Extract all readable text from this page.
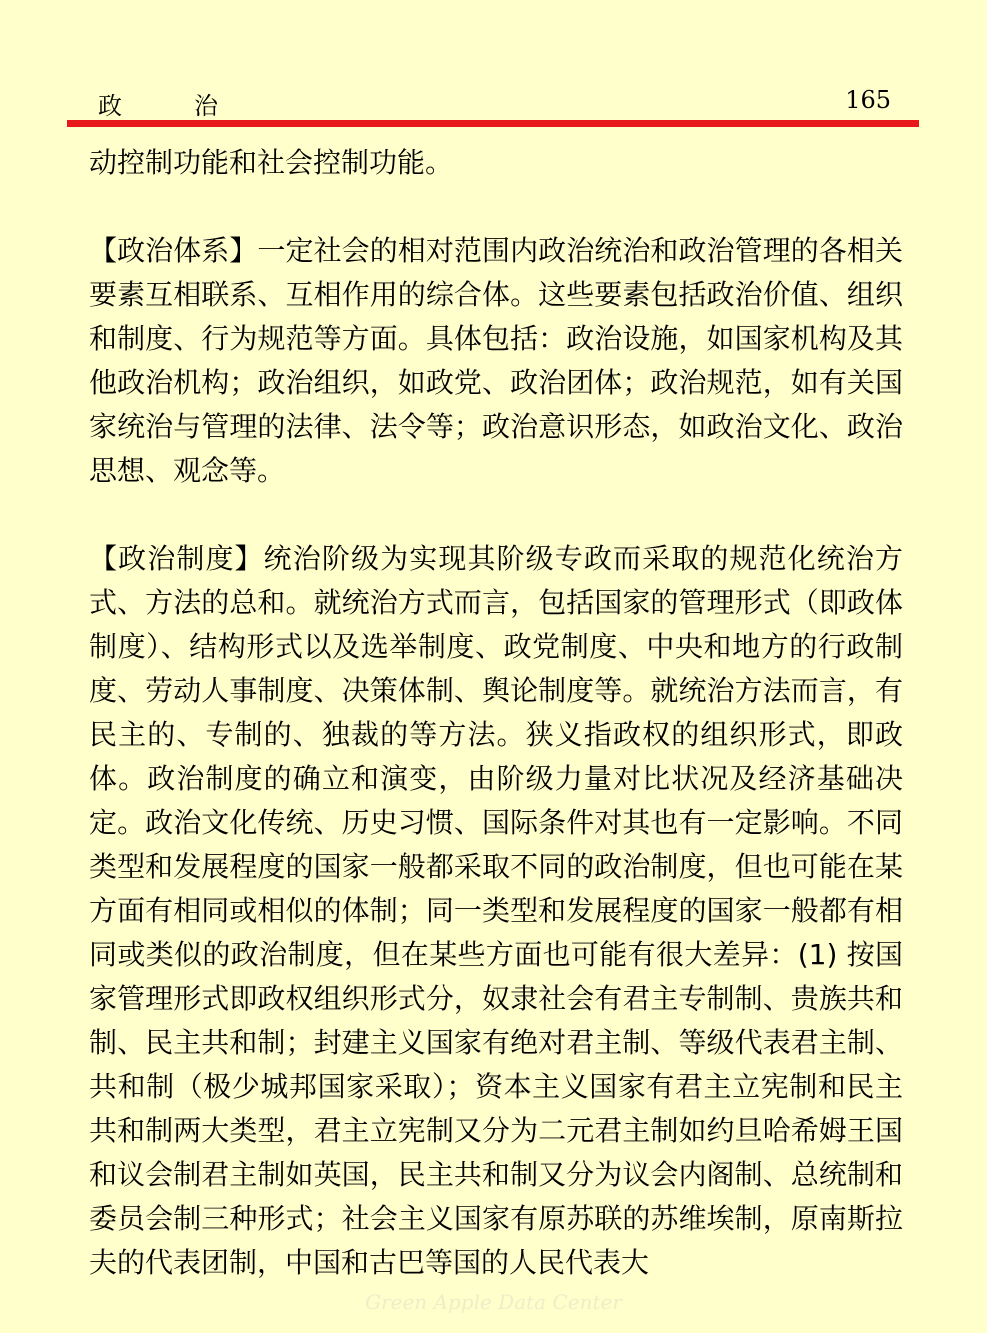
政治	165

动控制功能和社会控制功能。

【政治体系】一定社会的相对范围内政治统治和政治管理的各相关要素互相联系、互相作用的综合体。这些要素包括政治价值、组织和制度、行为规范等方面。具体包括：政治设施，如国家机构及其他政治机构；政治组织，如政党、政治团体；政治规范，如有关国家统治与管理的法律、法令等；政治意识形态，如政治文化、政治思想、观念等。

【政治制度】统治阶级为实现其阶级专政而采取的规范化统治方式、方法的总和。就统治方式而言，包括国家的管理形式（即政体制度）、结构形式以及选举制度、政党制度、中央和地方的行政制度、劳动人事制度、决策体制、舆论制度等。就统治方法而言，有民主的、专制的、独裁的等方法。狭义指政权的组织形式，即政体。政治制度的确立和演变，由阶级力量对比状况及经济基础决定。政治文化传统、历史习惯、国际条件对其也有一定影响。不同类型和发展程度的国家一般都采取不同的政治制度，但也可能在某方面有相同或相似的体制；同一类型和发展程度的国家一般都有相同或类似的政治制度，但在某些方面也可能有很大差异：(1) 按国家管理形式即政权组织形式分，奴隶社会有君主专制制、贵族共和制、民主共和制；封建主义国家有绝对君主制、等级代表君主制、共和制（极少城邦国家采取）；资本主义国家有君主立宪制和民主共和制两大类型，君主立宪制又分为二元君主制如约旦哈希姆王国和议会制君主制如英国，民主共和制又分为议会内阁制、总统制和委员会制三种形式；社会主义国家有原苏联的苏维埃制，原南斯拉夫的代表团制，中国和古巴等国的人民代表大

Green Apple Data Center
